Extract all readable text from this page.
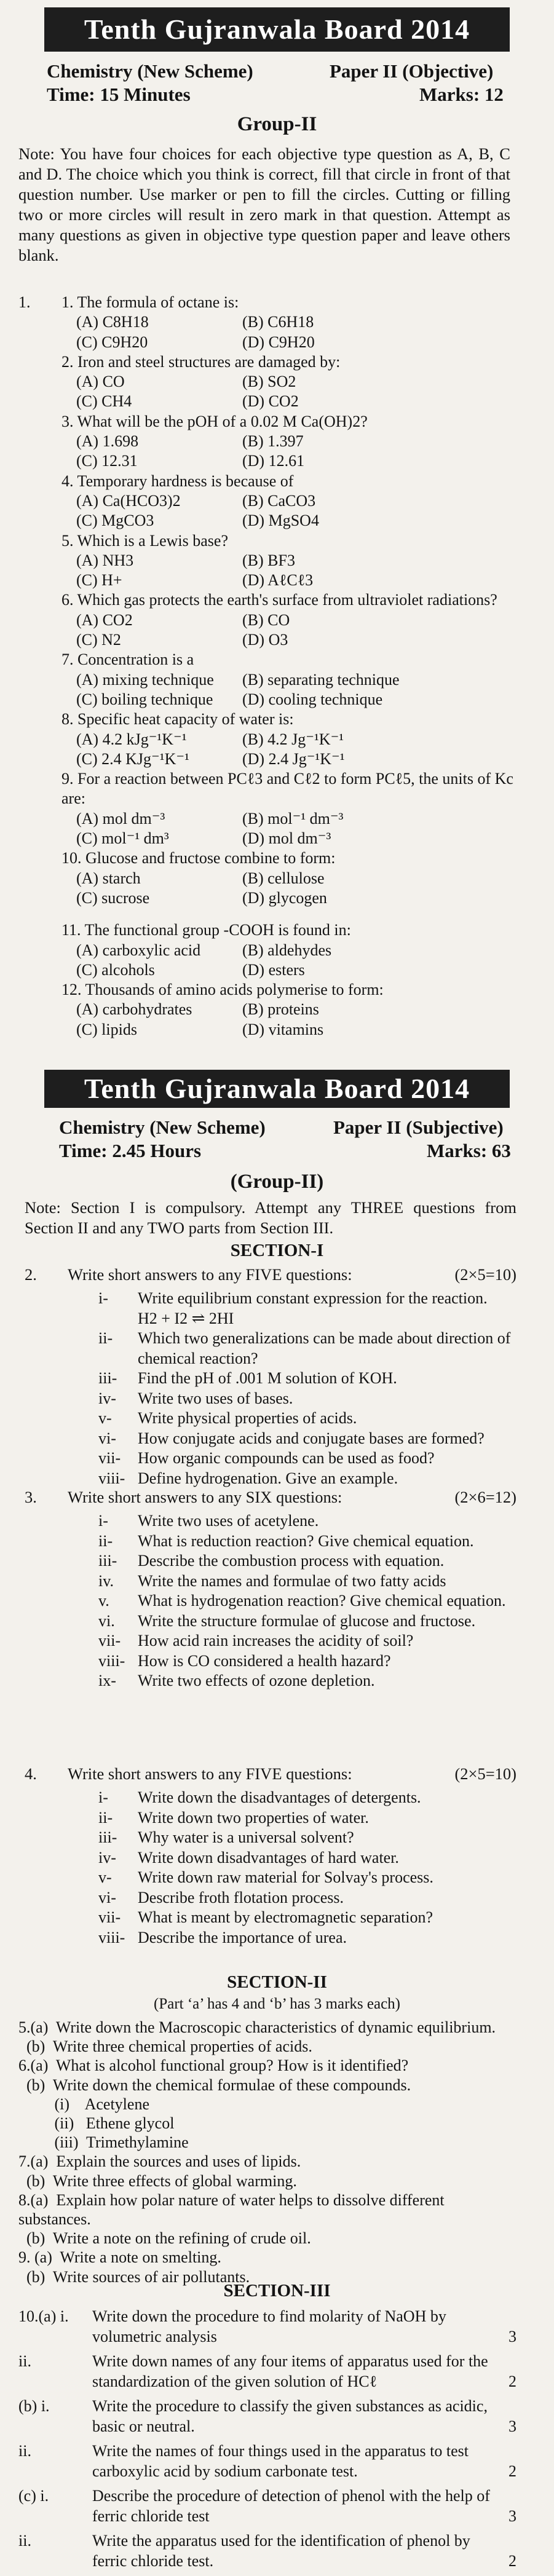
Tenth Gujranwala Board 2014
Chemistry (New Scheme)	Paper II (Objective)
Time: 15 Minutes	Marks: 12
Group-II
Note: You have four choices for each objective type question as A, B, C and D. The choice which you think is correct, fill that circle in front of that question number. Use marker or pen to fill the circles. Cutting or filling two or more circles will result in zero mark in that question. Attempt as many questions as given in objective type question paper and leave others blank.
1. 1. The formula of octane is:
(A) C8H18	(B) C6H18
(C) C9H20	(D) C9H20
2. Iron and steel structures are damaged by:
(A) CO	(B) SO2
(C) CH4	(D) CO2
3. What will be the pOH of a 0.02 M Ca(OH)2?
(A) 1.698	(B) 1.397
(C) 12.31	(D) 12.61
4. Temporary hardness is because of
(A) Ca(HCO3)2	(B) CaCO3
(C) MgCO3	(D) MgSO4
5. Which is a Lewis base?
(A) NH3	(B) BF3
(C) H+	(D) AℓCℓ3
6. Which gas protects the earth's surface from ultraviolet radiations?
(A) CO2	(B) CO
(C) N2	(D) O3
7. Concentration is a
(A) mixing technique	(B) separating technique
(C) boiling technique	(D) cooling technique
8. Specific heat capacity of water is:
(A) 4.2 kJg⁻¹K⁻¹	(B) 4.2 Jg⁻¹K⁻¹
(C) 2.4 KJg⁻¹K⁻¹	(D) 2.4 Jg⁻¹K⁻¹
9. For a reaction between PCℓ3 and Cℓ2 to form PCℓ5, the units of Kc are:
(A) mol dm⁻³	(B) mol⁻¹ dm⁻³
(C) mol⁻¹ dm³	(D) mol dm⁻³
10. Glucose and fructose combine to form:
(A) starch	(B) cellulose
(C) sucrose	(D) glycogen
11. The functional group -COOH is found in:
(A) carboxylic acid	(B) aldehydes
(C) alcohols	(D) esters
12. Thousands of amino acids polymerise to form:
(A) carbohydrates	(B) proteins
(C) lipids	(D) vitamins
Tenth Gujranwala Board 2014
Chemistry (New Scheme)	Paper II (Subjective)
Time: 2.45 Hours	Marks: 63
(Group-II)
Note: Section I is compulsory. Attempt any THREE questions from Section II and any TWO parts from Section III.
SECTION-I
2.	Write short answers to any FIVE questions:	(2×5=10)
i-	Write equilibrium constant expression for the reaction.
H2 + I2 ⇌ 2HI
ii-	Which two generalizations can be made about direction of chemical reaction?
iii-	Find the pH of .001 M solution of KOH.
iv-	Write two uses of bases.
v-	Write physical properties of acids.
vi-	How conjugate acids and conjugate bases are formed?
vii-	How organic compounds can be used as food?
viii- Define hydrogenation. Give an example.
3.	Write short answers to any SIX questions:	(2×6=12)
i-	Write two uses of acetylene.
ii-	What is reduction reaction? Give chemical equation.
iii-	Describe the combustion process with equation.
iv.	Write the names and formulae of two fatty acids
v.	What is hydrogenation reaction? Give chemical equation.
vi.	Write the structure formulae of glucose and fructose.
vii-	How acid rain increases the acidity of soil?
viii- How is CO considered a health hazard?
ix-	Write two effects of ozone depletion.
4.	Write short answers to any FIVE questions:	(2×5=10)
i-	Write down the disadvantages of detergents.
ii-	Write down two properties of water.
iii-	Why water is a universal solvent?
iv-	Write down disadvantages of hard water.
v-	Write down raw material for Solvay's process.
vi-	Describe froth flotation process.
vii-	What is meant by electromagnetic separation?
viii- Describe the importance of urea.
SECTION-II
(Part ‘a’ has 4 and ‘b’ has 3 marks each)
5.(a)  Write down the Macroscopic characteristics of dynamic equilibrium.
(b)  Write three chemical properties of acids.
6.(a)  What is alcohol functional group? How is it identified?
(b)  Write down the chemical formulae of these compounds.
(i)    Acetylene
(ii)   Ethene glycol
(iii)  Trimethylamine
7.(a)  Explain the sources and uses of lipids.
(b)  Write three effects of global warming.
8.(a)  Explain how polar nature of water helps to dissolve different substances.
(b)  Write a note on the refining of crude oil.
9. (a)  Write a note on smelting.
(b)  Write sources of air pollutants.
SECTION-III
10.(a) i.	Write down the procedure to find molarity of NaOH by volumetric analysis	3
ii.	Write down names of any four items of apparatus used for the standardization of the given solution of HCℓ	2
(b) i.	Write the procedure to classify the given substances as acidic, basic or neutral.	3
ii.	Write the names of four things used in the apparatus to test carboxylic acid by sodium carbonate test.	2
(c) i.	Describe the procedure of detection of phenol with the help of ferric chloride test	3
ii.	Write the apparatus used for the identification of phenol by ferric chloride test.	2
